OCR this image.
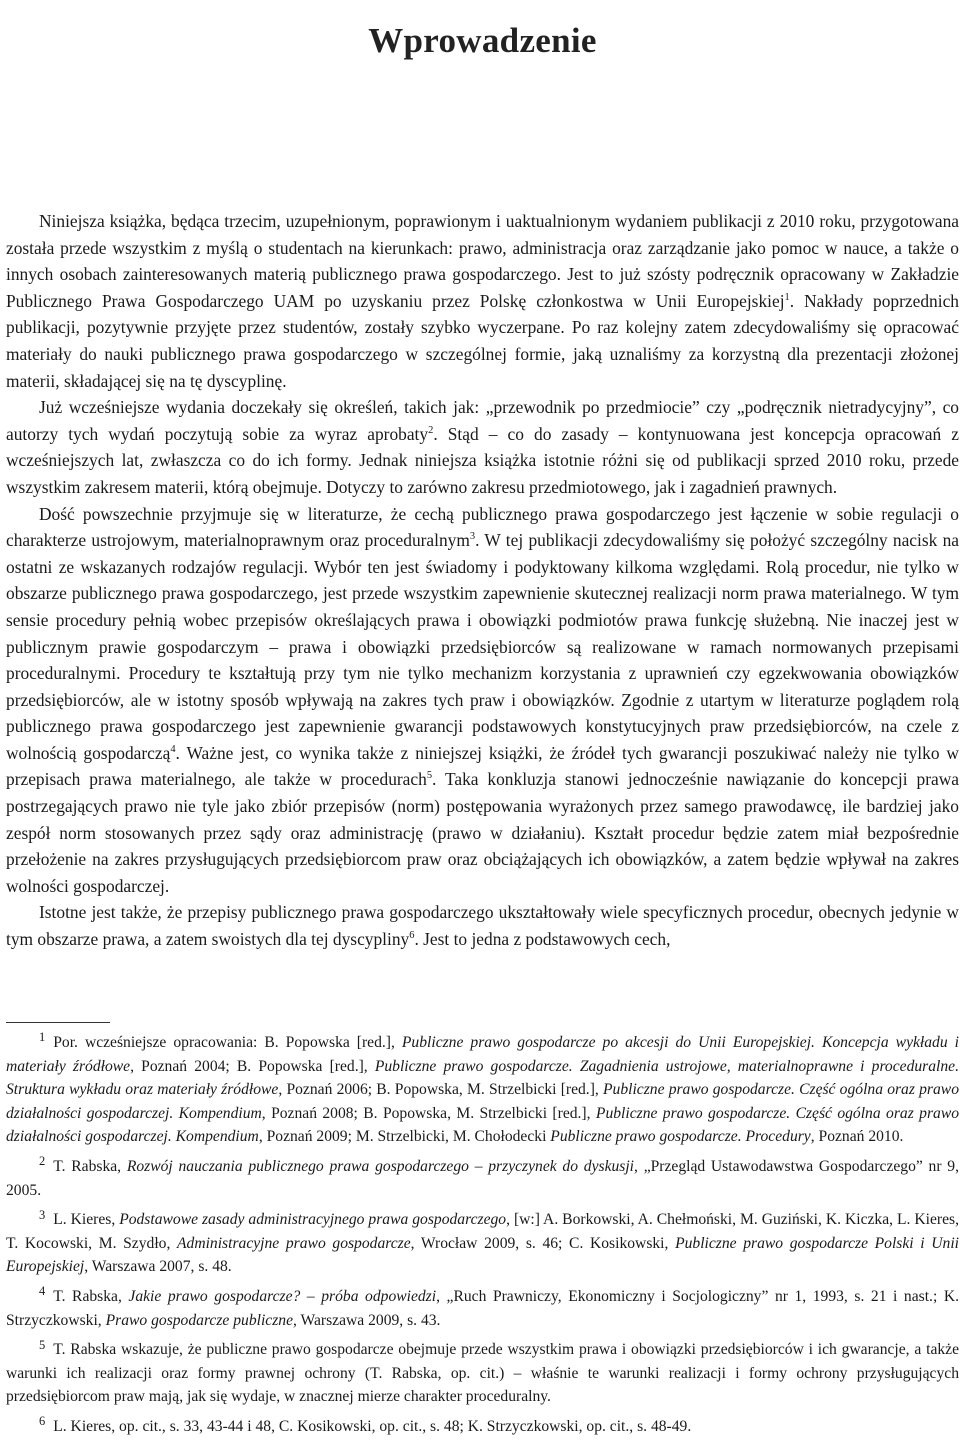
Wprowadzenie

Niniejsza książka, będąca trzecim, uzupełnionym, poprawionym i uaktualnionym wydaniem publikacji z 2010 roku, przygotowana została przede wszystkim z myślą o studentach na kierunkach: prawo, administracja oraz zarządzanie jako pomoc w nauce, a także o innych osobach zainteresowanych materią publicznego prawa gospodarczego. Jest to już szósty podręcznik opracowany w Zakładzie Publicznego Prawa Gospodarczego UAM po uzyskaniu przez Polskę członkostwa w Unii Europejskiej$^1$. Nakłady poprzednich publikacji, pozytywnie przyjęte przez studentów, zostały szybko wyczerpane. Po raz kolejny zatem zdecydowaliśmy się opracować materiały do nauki publicznego prawa gospodarczego w szczególnej formie, jaką uznaliśmy za korzystną dla prezentacji złożonej materii, składającej się na tę dyscyplinę.

Już wcześniejsze wydania doczekały się określeń, takich jak: „przewodnik po przedmiocie” czy „podręcznik nietradycyjny”, co autorzy tych wydań poczytują sobie za wyraz aprobaty$^2$. Stąd – co do zasady – kontynuowana jest koncepcja opracowań z wcześniejszych lat, zwłaszcza co do ich formy. Jednak niniejsza książka istotnie różni się od publikacji sprzed 2010 roku, przede wszystkim zakresem materii, którą obejmuje. Dotyczy to zarówno zakresu przedmiotowego, jak i zagadnień prawnych.

Dość powszechnie przyjmuje się w literaturze, że cechą publicznego prawa gospodarczego jest łączenie w sobie regulacji o charakterze ustrojowym, materialnoprawnym oraz proceduralnym$^3$. W tej publikacji zdecydowaliśmy się położyć szczególny nacisk na ostatni ze wskazanych rodzajów regulacji. Wybór ten jest świadomy i podyktowany kilkoma względami. Rolą procedur, nie tylko w obszarze publicznego prawa gospodarczego, jest przede wszystkim zapewnienie skutecznej realizacji norm prawa materialnego. W tym sensie procedury pełnią wobec przepisów określających prawa i obowiązki podmiotów prawa funkcję służebną. Nie inaczej jest w publicznym prawie gospodarczym – prawa i obowiązki przedsiębiorców są realizowane w ramach normowanych przepisami proceduralnymi. Procedury te kształtują przy tym nie tylko mechanizm korzystania z uprawnień czy egzekwowania obowiązków przedsiębiorców, ale w istotny sposób wpływają na zakres tych praw i obowiązków. Zgodnie z utartym w literaturze poglądem rolą publicznego prawa gospodarczego jest zapewnienie gwarancji podstawowych konstytucyjnych praw przedsiębiorców, na czele z wolnością gospodarczą$^4$. Ważne jest, co wynika także z niniejszej książki, że źródeł tych gwarancji poszukiwać należy nie tylko w przepisach prawa materialnego, ale także w procedurach$^5$. Taka konkluzja stanowi jednocześnie nawiązanie do koncepcji prawa postrzegających prawo nie tyle jako zbiór przepisów (norm) postępowania wyrażonych przez samego prawodawcę, ile bardziej jako zespół norm stosowanych przez sądy oraz administrację (prawo w działaniu). Kształt procedur będzie zatem miał bezpośrednie przełożenie na zakres przysługujących przedsiębiorcom praw oraz obciążających ich obowiązków, a zatem będzie wpływał na zakres wolności gospodarczej.

Istotne jest także, że przepisy publicznego prawa gospodarczego ukształtowały wiele specyficznych procedur, obecnych jedynie w tym obszarze prawa, a zatem swoistych dla tej dyscypliny$^6$. Jest to jedna z podstawowych cech,

$^1$ Por. wcześniejsze opracowania: B. Popowska [red.], Publiczne prawo gospodarcze po akcesji do Unii Europejskiej. Koncepcja wykładu i materiały źródłowe, Poznań 2004; B. Popowska [red.], Publiczne prawo gospodarcze. Zagadnienia ustrojowe, materialnoprawne i proceduralne. Struktura wykładu oraz materiały źródłowe, Poznań 2006; B. Popowska, M. Strzelbicki [red.], Publiczne prawo gospodarcze. Część ogólna oraz prawo działalności gospodarczej. Kompendium, Poznań 2008; B. Popowska, M. Strzelbicki [red.], Publiczne prawo gospodarcze. Część ogólna oraz prawo działalności gospodarczej. Kompendium, Poznań 2009; M. Strzelbicki, M. Chołodecki Publiczne prawo gospodarcze. Procedury, Poznań 2010.

$^2$ T. Rabska, Rozwój nauczania publicznego prawa gospodarczego – przyczynek do dyskusji, „Przegląd Ustawodawstwa Gospodarczego” nr 9, 2005.

$^3$ L. Kieres, Podstawowe zasady administracyjnego prawa gospodarczego, [w:] A. Borkowski, A. Chełmoński, M. Guziński, K. Kiczka, L. Kieres, T. Kocowski, M. Szydło, Administracyjne prawo gospodarcze, Wrocław 2009, s. 46; C. Kosikowski, Publiczne prawo gospodarcze Polski i Unii Europejskiej, Warszawa 2007, s. 48.

$^4$ T. Rabska, Jakie prawo gospodarcze? – próba odpowiedzi, „Ruch Prawniczy, Ekonomiczny i Socjologiczny” nr 1, 1993, s. 21 i nast.; K. Strzyczkowski, Prawo gospodarcze publiczne, Warszawa 2009, s. 43.

$^5$ T. Rabska wskazuje, że publiczne prawo gospodarcze obejmuje przede wszystkim prawa i obowiązki przedsiębiorców i ich gwarancje, a także warunki ich realizacji oraz formy prawnej ochrony (T. Rabska, op. cit.) – właśnie te warunki realizacji i formy ochrony przysługujących przedsiębiorcom praw mają, jak się wydaje, w znacznej mierze charakter proceduralny.

$^6$ L. Kieres, op. cit., s. 33, 43-44 i 48, C. Kosikowski, op. cit., s. 48; K. Strzyczkowski, op. cit., s. 48-49.
